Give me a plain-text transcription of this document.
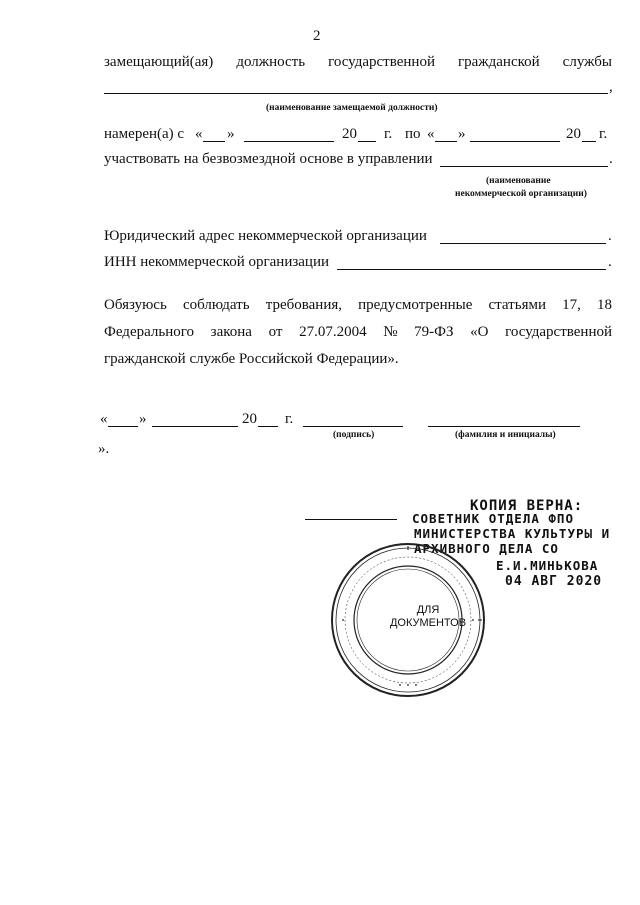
2
замещающий(ая) должность государственной гражданской службы
,
(наименование замещаемой должности)
намерен(а) с « »	20 г. по « »	20 г.
участвовать на безвозмездной основе в управлении	.
(наименование
некоммерческой организации)
Юридический адрес некоммерческой организации	.
ИНН некоммерческой организации	.
Обязуюсь соблюдать требования, предусмотренные статьями 17, 18
Федерального закона от 27.07.2004 № 79-ФЗ «О государственной
гражданской службе Российской Федерации».
« »	20 г.
(подпись)	(фамилия и инициалы)
».
КОПИЯ ВЕРНА:
СОВЕТНИК ОТДЕЛА ФПО
МИНИСТЕРСТВА КУЛЬТУРЫ И
АРХИВНОГО ДЕЛА СО
Е.И.МИНЬКОВА
04 АВГ 2020
ДЛЯ
ДОКУМЕНТОВ
